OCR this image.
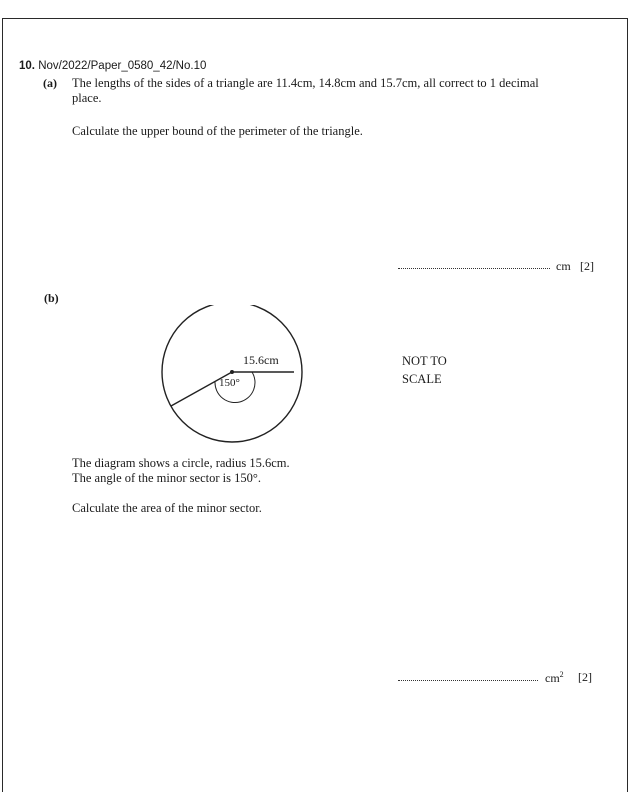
10. Nov/2022/Paper_0580_42/No.10
(a) The lengths of the sides of a triangle are 11.4cm, 14.8cm and 15.7cm, all correct to 1 decimal
place.
Calculate the upper bound of the perimeter of the triangle.
cm [2]
(b)
15.6cm
150°
NOT TO
SCALE
The diagram shows a circle, radius 15.6cm.
The angle of the minor sector is 150°.
Calculate the area of the minor sector.
$cm^2$ [2]
